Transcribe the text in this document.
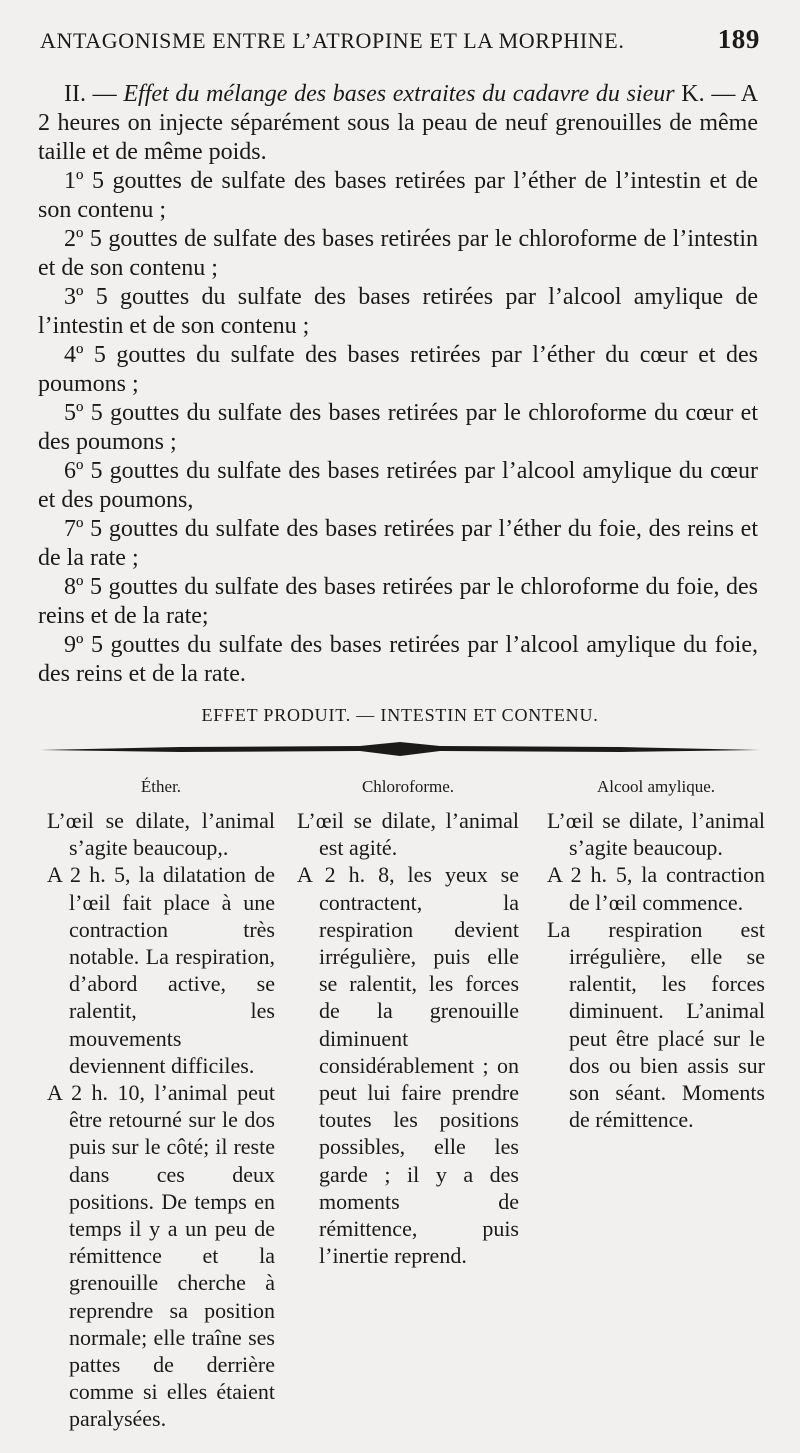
ANTAGONISME ENTRE L’ATROPINE ET LA MORPHINE.	189

II. — Effet du mélange des bases extraites du cadavre du sieur K. — A 2 heures on injecte séparément sous la peau de neuf grenouilles de même taille et de même poids.

1º 5 gouttes de sulfate des bases retirées par l’éther de l’intestin et de son contenu ;

2º 5 gouttes de sulfate des bases retirées par le chloroforme de l’intestin et de son contenu ;

3º 5 gouttes du sulfate des bases retirées par l’alcool amylique de l’intestin et de son contenu ;

4º 5 gouttes du sulfate des bases retirées par l’éther du cœur et des poumons ;

5º 5 gouttes du sulfate des bases retirées par le chloroforme du cœur et des poumons ;

6º 5 gouttes du sulfate des bases retirées par l’alcool amylique du cœur et des poumons,

7º 5 gouttes du sulfate des bases retirées par l’éther du foie, des reins et de la rate ;

8º 5 gouttes du sulfate des bases retirées par le chloroforme du foie, des reins et de la rate;

9º 5 gouttes du sulfate des bases retirées par l’alcool amylique du foie, des reins et de la rate.

EFFET PRODUIT. — INTESTIN ET CONTENU.
Éther.

L’œil se dilate, l’animal s’agite beaucoup,.

A 2 h. 5, la dilatation de l’œil fait place à une contraction très notable. La respiration, d’abord active, se ralentit, les mouvements deviennent difficiles.

A 2 h. 10, l’animal peut être retourné sur le dos puis sur le côté; il reste dans ces deux positions. De temps en temps il y a un peu de rémittence et la grenouille cherche à reprendre sa position normale; elle traîne ses pattes de derrière comme si elles étaient paralysées.

Chloroforme.

L’œil se dilate, l’animal est agité.

A 2 h. 8, les yeux se contractent, la respiration devient irrégulière, puis elle se ralentit, les forces de la grenouille diminuent considérablement ; on peut lui faire prendre toutes les positions possibles, elle les garde ; il y a des moments de rémittence, puis l’inertie reprend.

Alcool amylique.

L’œil se dilate, l’animal s’agite beaucoup.

A 2 h. 5, la contraction de l’œil commence.

La respiration est irrégulière, elle se ralentit, les forces diminuent. L’animal peut être placé sur le dos ou bien assis sur son séant. Moments de rémittence.
